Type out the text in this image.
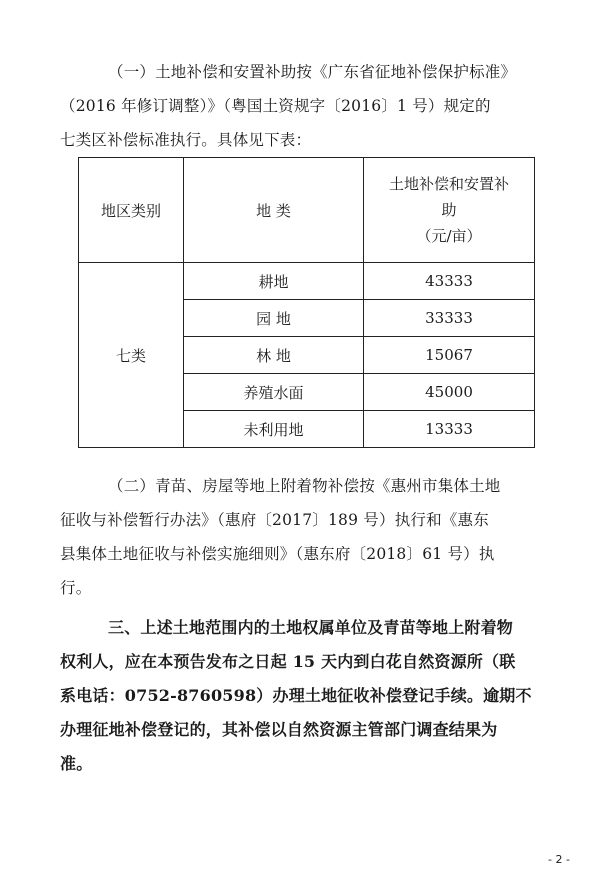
（一）土地补偿和安置补助按《广东省征地补偿保护标准》
（2016 年修订调整）》（粤国土资规字〔2016〕1 号）规定的
七类区补偿标准执行。具体见下表：
地区类别	地 类	土地补偿和安置补
助
（元/亩）

七类	耕地	43333
	园 地	33333
	林 地	15067
	养殖水面	45000
	未利用地	13333
（二）青苗、房屋等地上附着物补偿按《惠州市集体土地
征收与补偿暂行办法》（惠府〔2017〕189 号）执行和《惠东
县集体土地征收与补偿实施细则》（惠东府〔2018〕61 号）执
行。
三、上述土地范围内的土地权属单位及青苗等地上附着物
权利人，应在本预告发布之日起 15 天内到白花自然资源所（联
系电话：0752-8760598）办理土地征收补偿登记手续。逾期不
办理征地补偿登记的，其补偿以自然资源主管部门调查结果为
准。
- 2 -
